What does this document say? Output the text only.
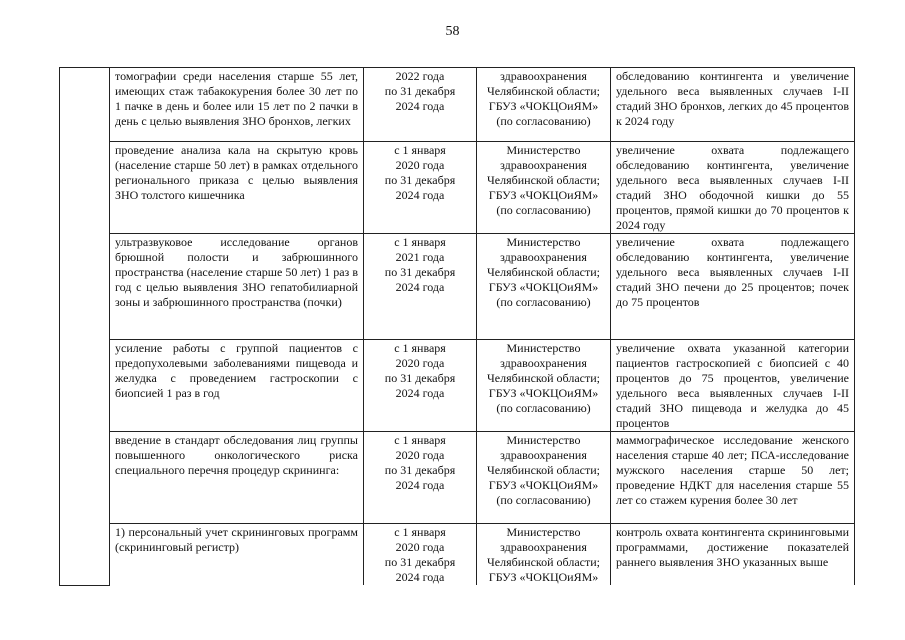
58
	томографии среди населения старше 55 лет, имеющих стаж табакокурения более 30 лет по 1 пачке в день и более или 15 лет по 2 пачки в день с целью выявления ЗНО бронхов, легких	2022 года
по 31 декабря
2024 года	здравоохранения
Челябинской области;
ГБУЗ «ЧОКЦОиЯМ»
(по согласованию)	обследованию контингента и увеличение удельного веса выявленных случаев I-II стадий ЗНО бронхов, легких до 45 процентов к 2024 году
	проведение анализа кала на скрытую кровь (население старше 50 лет) в рамках отдельного регионального приказа с целью выявления ЗНО толстого кишечника	с 1 января
2020 года
по 31 декабря
2024 года	Министерство
здравоохранения
Челябинской области;
ГБУЗ «ЧОКЦОиЯМ»
(по согласованию)	увеличение охвата подлежащего обследованию контингента, увеличение удельного веса выявленных случаев I-II стадий ЗНО ободочной кишки до 55 процентов, прямой кишки до 70 процентов к 2024 году
	ультразвуковое исследование органов брюшной полости и забрюшинного пространства (население старше 50 лет) 1 раз в год с целью выявления ЗНО гепатобилиарной зоны и забрюшинного пространства (почки)	с 1 января
2021 года
по 31 декабря
2024 года	Министерство
здравоохранения
Челябинской области;
ГБУЗ «ЧОКЦОиЯМ»
(по согласованию)	увеличение охвата подлежащего обследованию контингента, увеличение удельного веса выявленных случаев I-II стадий ЗНО печени до 25 процентов; почек до 75 процентов
	усиление работы с группой пациентов с предопухолевыми заболеваниями пищевода и желудка с проведением гастроскопии с биопсией 1 раз в год	с 1 января
2020 года
по 31 декабря
2024 года	Министерство
здравоохранения
Челябинской области;
ГБУЗ «ЧОКЦОиЯМ»
(по согласованию)	увеличение охвата указанной категории пациентов гастроскопией с биопсией с 40 процентов до 75 процентов, увеличение удельного веса выявленных случаев I-II стадий ЗНО пищевода и желудка до 45 процентов
	введение в стандарт обследования лиц группы повышенного онкологического риска специального перечня процедур скрининга:	с 1 января
2020 года
по 31 декабря
2024 года	Министерство
здравоохранения
Челябинской области;
ГБУЗ «ЧОКЦОиЯМ»
(по согласованию)	маммографическое исследование женского населения старше 40 лет; ПСА-исследование мужского населения старше 50 лет; проведение НДКТ для населения старше 55 лет со стажем курения более 30 лет
	1) персональный учет скрининговых программ (скрининговый регистр)	с 1 января
2020 года
по 31 декабря
2024 года	Министерство
здравоохранения
Челябинской области;
ГБУЗ «ЧОКЦОиЯМ»	контроль охвата контингента скрининговыми программами, достижение показателей раннего выявления ЗНО указанных выше
